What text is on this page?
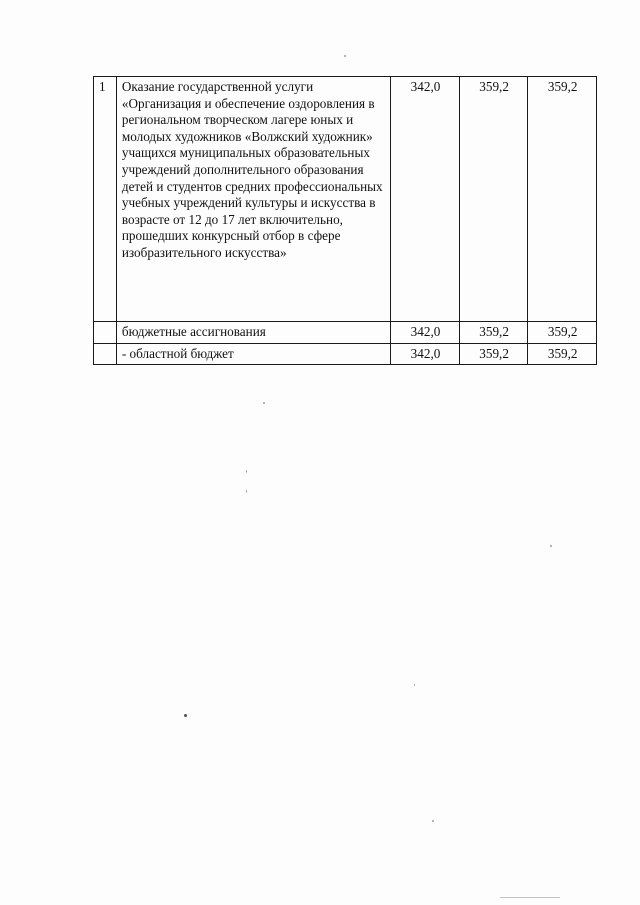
1	Оказание государственной услуги «Организация и обеспечение оздоровления в региональном творческом лагере юных и молодых художников «Волжский художник» учащихся муниципальных образовательных учреждений дополнительного образования детей и студентов средних профессиональных учебных учреждений культуры и искусства в возрасте от 12 до 17 лет включительно, прошедших конкурсный отбор в сфере изобразительного искусства»	342,0	359,2	359,2
	бюджетные ассигнования	342,0	359,2	359,2
	- областной бюджет	342,0	359,2	359,2
